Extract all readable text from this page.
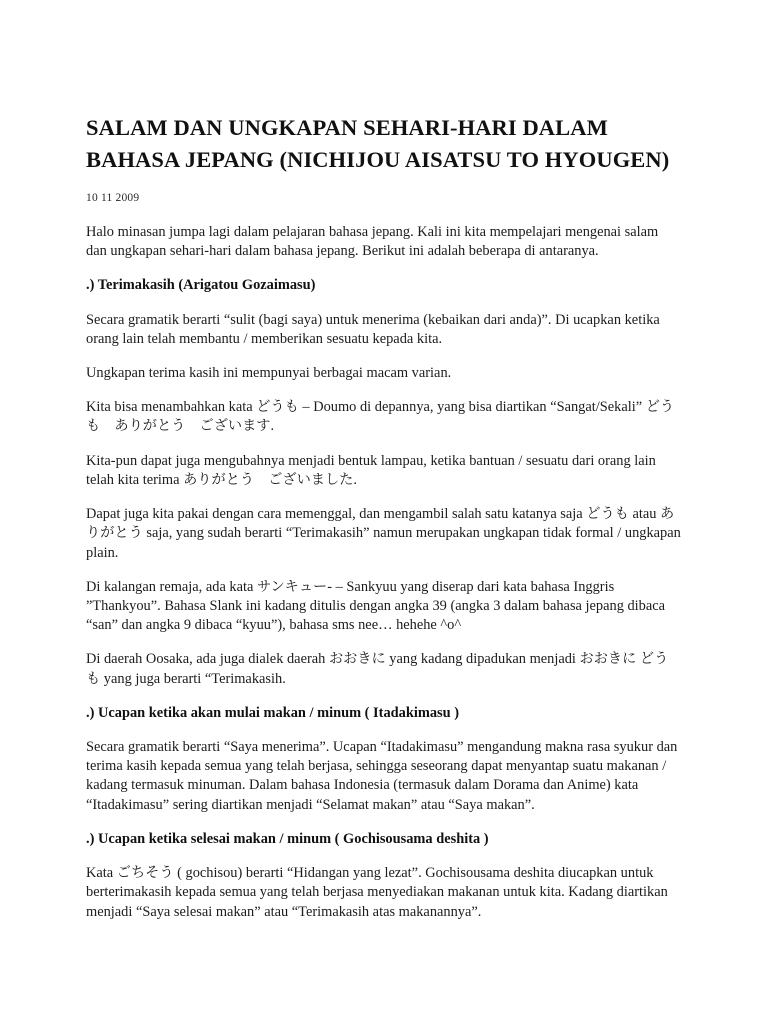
SALAM DAN UNGKAPAN SEHARI-HARI DALAM BAHASA JEPANG (NICHIJOU AISATSU TO HYOUGEN)
10 11 2009

Halo minasan jumpa lagi dalam pelajaran bahasa jepang. Kali ini kita mempelajari mengenai salam dan ungkapan sehari-hari dalam bahasa jepang. Berikut ini adalah beberapa di antaranya.

.) Terimakasih (Arigatou Gozaimasu)

Secara gramatik berarti “sulit (bagi saya) untuk menerima (kebaikan dari anda)”. Di ucapkan ketika orang lain telah membantu / memberikan sesuatu kepada kita.

Ungkapan terima kasih ini mempunyai berbagai macam varian.

Kita bisa menambahkan kata どうも – Doumo di depannya, yang bisa diartikan “Sangat/Sekali” どうも　ありがとう　ございます.

Kita-pun dapat juga mengubahnya menjadi bentuk lampau, ketika bantuan / sesuatu dari orang lain telah kita terima ありがとう　ございました.

Dapat juga kita pakai dengan cara memenggal, dan mengambil salah satu katanya saja どうも atau ありがとう saja, yang sudah berarti “Terimakasih” namun merupakan ungkapan tidak formal / ungkapan plain.

Di kalangan remaja, ada kata サンキュー- – Sankyuu yang diserap dari kata bahasa Inggris ”Thankyou”. Bahasa Slank ini kadang ditulis dengan angka 39 (angka 3 dalam bahasa jepang dibaca “san” dan angka 9 dibaca “kyuu”), bahasa sms nee… hehehe ^o^

Di daerah Oosaka, ada juga dialek daerah おおきに yang kadang dipadukan menjadi おおきに どうも yang juga berarti “Terimakasih.

.) Ucapan ketika akan mulai makan / minum ( Itadakimasu )

Secara gramatik berarti “Saya menerima”. Ucapan “Itadakimasu” mengandung makna rasa syukur dan terima kasih kepada semua yang telah berjasa, sehingga seseorang dapat menyantap suatu makanan / kadang termasuk minuman. Dalam bahasa Indonesia (termasuk dalam Dorama dan Anime) kata “Itadakimasu” sering diartikan menjadi “Selamat makan” atau “Saya makan”.

.) Ucapan ketika selesai makan / minum ( Gochisousama deshita )

Kata ごちそう ( gochisou) berarti “Hidangan yang lezat”. Gochisousama deshita diucapkan untuk berterimakasih kepada semua yang telah berjasa menyediakan makanan untuk kita. Kadang diartikan menjadi “Saya selesai makan” atau “Terimakasih atas makanannya”.
